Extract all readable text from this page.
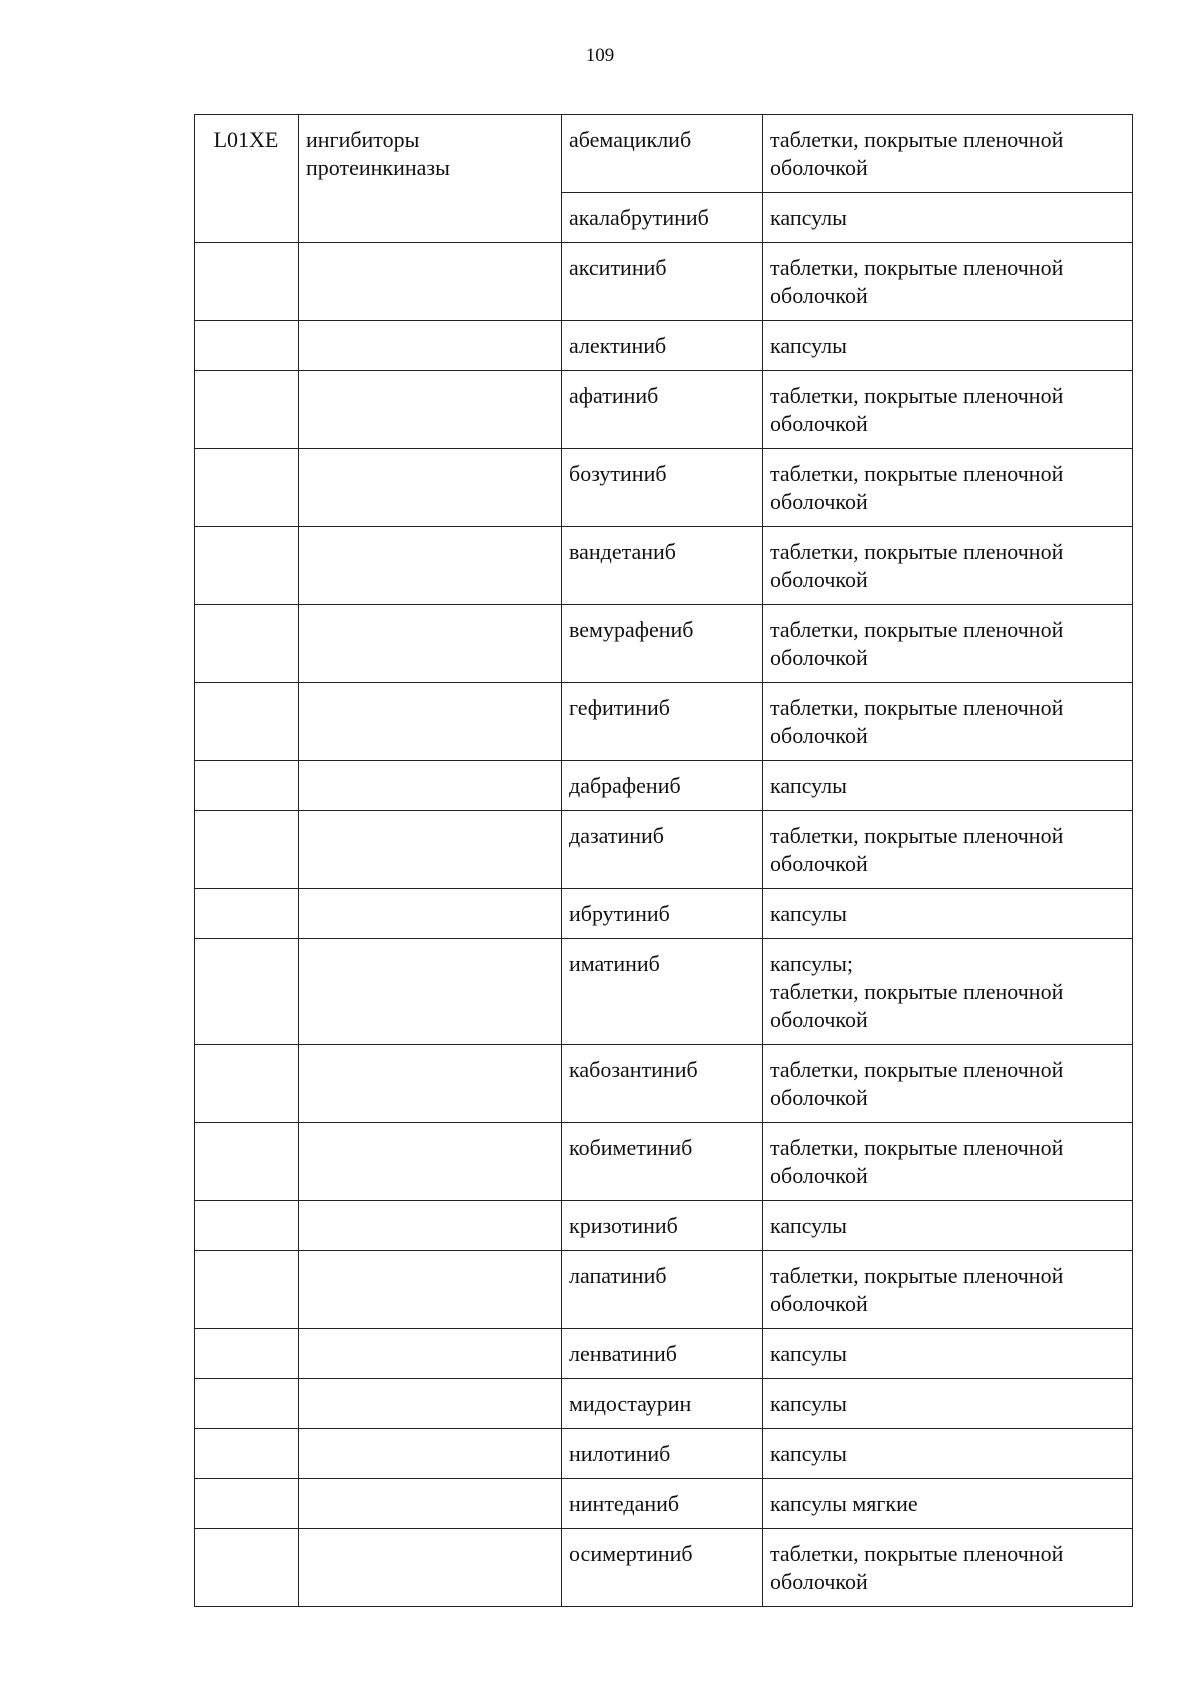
109
L01XE	ингибиторы
протеинкиназы	абемациклиб	таблетки, покрытые пленочной
оболочкой
		акалабрутиниб	капсулы
		акситиниб	таблетки, покрытые пленочной
оболочкой
		алектиниб	капсулы
		афатиниб	таблетки, покрытые пленочной
оболочкой
		бозутиниб	таблетки, покрытые пленочной
оболочкой
		вандетаниб	таблетки, покрытые пленочной
оболочкой
		вемурафениб	таблетки, покрытые пленочной
оболочкой
		гефитиниб	таблетки, покрытые пленочной
оболочкой
		дабрафениб	капсулы
		дазатиниб	таблетки, покрытые пленочной
оболочкой
		ибрутиниб	капсулы
		иматиниб	капсулы;
таблетки, покрытые пленочной
оболочкой
		кабозантиниб	таблетки, покрытые пленочной
оболочкой
		кобиметиниб	таблетки, покрытые пленочной
оболочкой
		кризотиниб	капсулы
		лапатиниб	таблетки, покрытые пленочной
оболочкой
		ленватиниб	капсулы
		мидостаурин	капсулы
		нилотиниб	капсулы
		нинтеданиб	капсулы мягкие
		осимертиниб	таблетки, покрытые пленочной
оболочкой
